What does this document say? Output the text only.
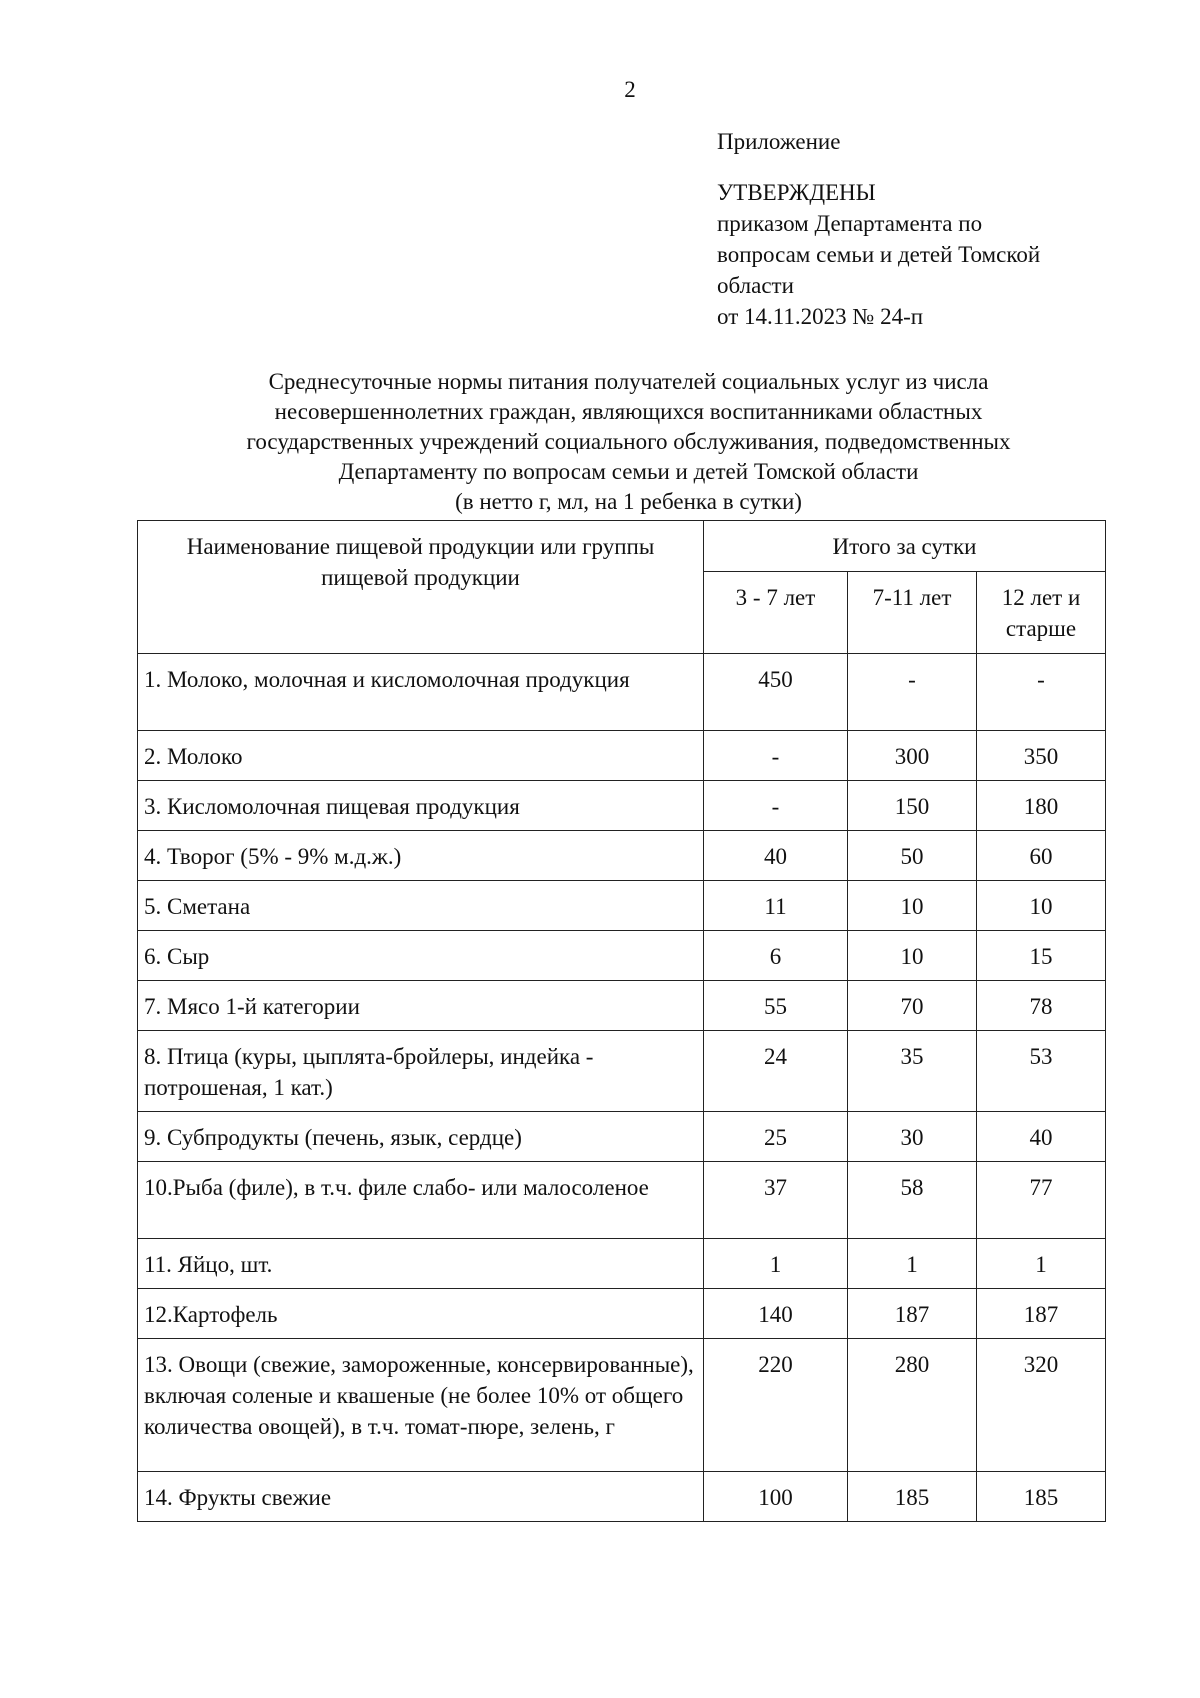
2
Приложение
УТВЕРЖДЕНЫ
приказом Департамента по
вопросам семьи и детей Томской
области
от 14.11.2023 № 24-п
Среднесуточные нормы питания получателей социальных услуг из числа
несовершеннолетних граждан, являющихся воспитанниками областных
государственных учреждений социального обслуживания, подведомственных
Департаменту по вопросам семьи и детей Томской области
(в нетто г, мл, на 1 ребенка в сутки)
Наименование пищевой продукции или группы пищевой продукции	Итого за сутки		
	3 - 7 лет	7-11 лет	12 лет и старше
1. Молоко, молочная и кисломолочная продукция	450	-	-
2. Молоко	-	300	350
3. Кисломолочная пищевая продукция	-	150	180
4. Творог (5% - 9% м.д.ж.)	40	50	60
5. Сметана	11	10	10
6. Сыр	6	10	15
7. Мясо 1-й категории	55	70	78
8. Птица (куры, цыплята-бройлеры, индейка - потрошеная, 1 кат.)	24	35	53
9. Субпродукты (печень, язык, сердце)	25	30	40
10.Рыба (филе), в т.ч. филе слабо- или малосоленое	37	58	77
11. Яйцо, шт.	1	1	1
12.Картофель	140	187	187
13. Овощи (свежие, замороженные, консервированные), включая соленые и квашеные (не более 10% от общего количества овощей), в т.ч. томат-пюре, зелень, г	220	280	320
14. Фрукты свежие	100	185	185
